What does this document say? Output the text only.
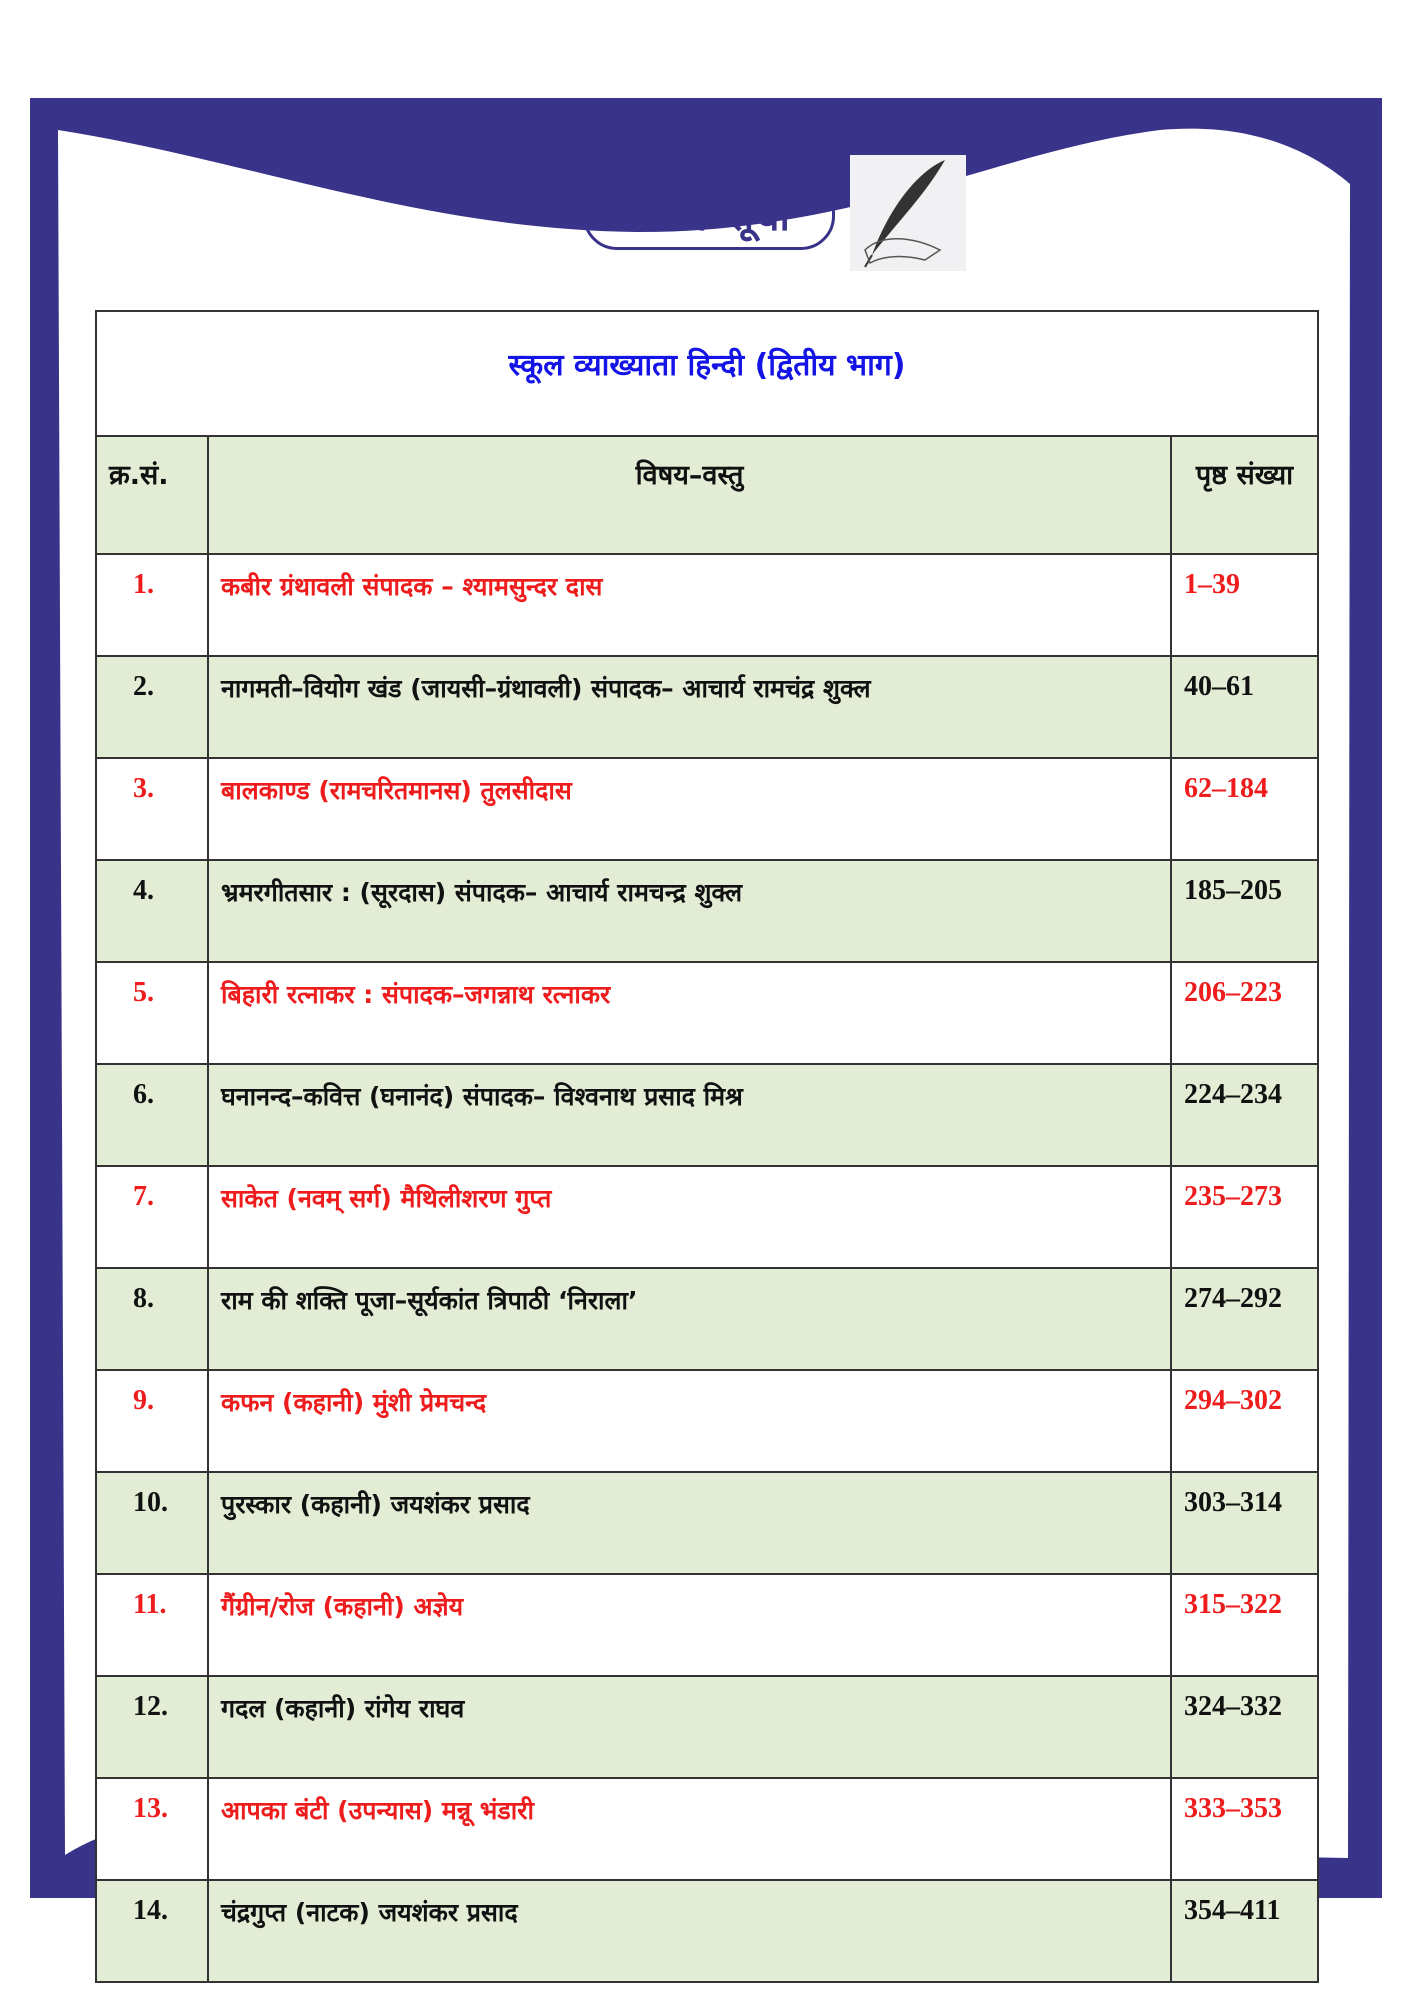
विषय–सूची
स्कूल व्याख्याता हिन्दी (द्वितीय भाग)		
क्र.सं.	विषय–वस्तु	पृष्ठ संख्या
1.	कबीर ग्रंथावली संपादक – श्यामसुन्दर दास	1–39
2.	नागमती–वियोग खंड (जायसी–ग्रंथावली) संपादक– आचार्य रामचंद्र शुक्ल	40–61
3.	बालकाण्ड (रामचरितमानस) तुलसीदास	62–184
4.	भ्रमरगीतसार : (सूरदास) संपादक– आचार्य रामचन्द्र शुक्ल	185–205
5.	बिहारी रत्नाकर : संपादक–जगन्नाथ रत्नाकर	206–223
6.	घनानन्द–कवित्त (घनानंद) संपादक– विश्वनाथ प्रसाद मिश्र	224–234
7.	साकेत (नवम् सर्ग) मैथिलीशरण गुप्त	235–273
8.	राम की शक्ति पूजा–सूर्यकांत त्रिपाठी ‘निराला’	274–292
9.	कफन (कहानी) मुंशी प्रेमचन्द	294–302
10.	पुरस्कार (कहानी) जयशंकर प्रसाद	303–314
11.	गैंग्रीन/रोज (कहानी) अज्ञेय	315–322
12.	गदल (कहानी) रांगेय राघव	324–332
13.	आपका बंटी (उपन्यास) मन्नू भंडारी	333–353
14.	चंद्रगुप्त (नाटक) जयशंकर प्रसाद	354–411
